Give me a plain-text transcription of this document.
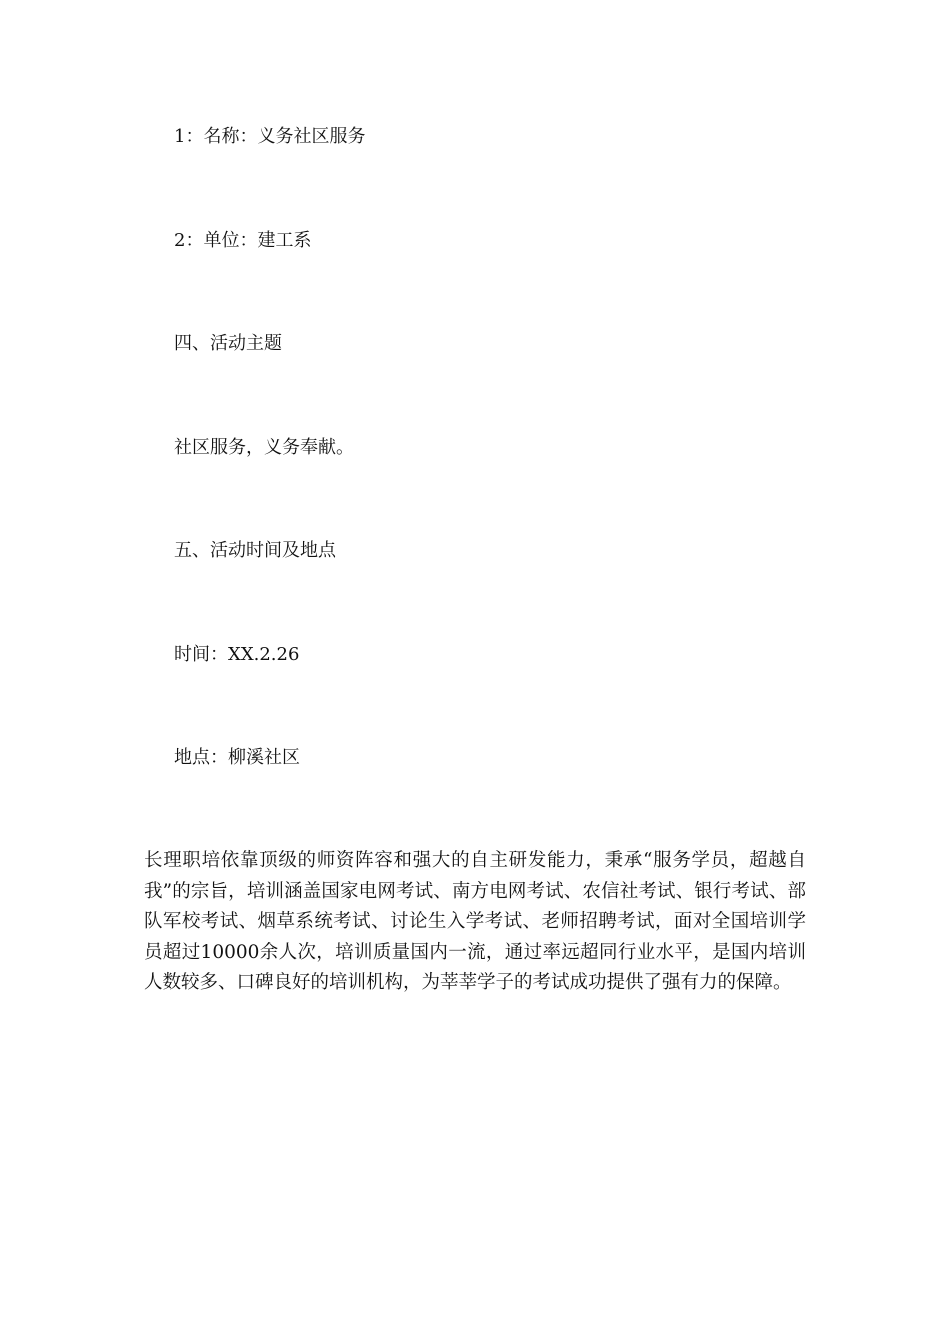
1：名称：义务社区服务

2：单位：建工系

四、活动主题

社区服务，义务奉献。

五、活动时间及地点

时间：XX.2.26

地点：柳溪社区

长理职培依靠顶级的师资阵容和强大的自主研发能力，秉承“服务学员，超越自我”的宗旨，培训涵盖国家电网考试、南方电网考试、农信社考试、银行考试、部队军校考试、烟草系统考试、讨论生入学考试、老师招聘考试，面对全国培训学员超过10000余人次，培训质量国内一流，通过率远超同行业水平，是国内培训人数较多、口碑良好的培训机构，为莘莘学子的考试成功提供了强有力的保障。
